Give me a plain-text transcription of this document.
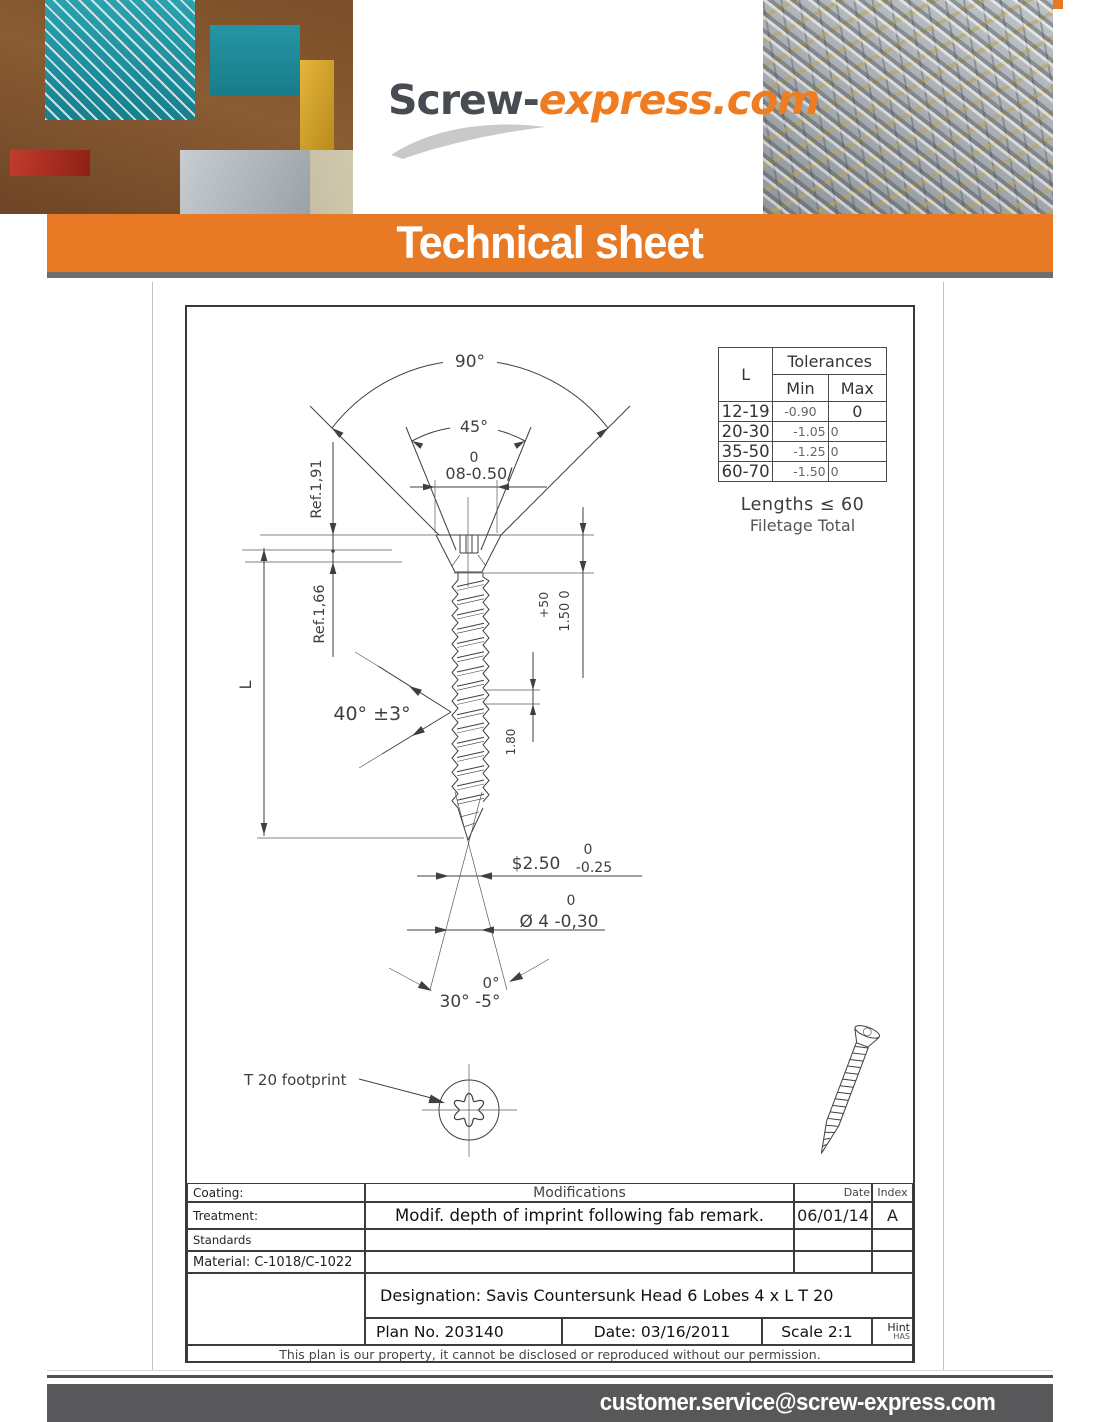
Screw-express.com
Technical sheet
90°
45°
0
08-0.50/
Ref.1,91
Ref.1,66
L
40° ±3°
1.80
+50 1.50 0
$2.50
0
-0.25
0
Ø 4 -0,30
0°
30° -5°
T 20 footprint
L	Tolerances	
	Min	Max
12-19	-0.90	0
20-30	-1.05	0
35-50	-1.25	0
60-70	-1.50	0
Lengths ≤ 60
Filetage Total
Coating:	Modifications	Date Index
Treatment:	Modif. depth of imprint following fab remark.	06/01/14	A
Standards
Material: C-1018/C-1022
Designation: Savis Countersunk Head 6 Lobes 4 x L T 20
Plan No. 203140	Date: 03/16/2011	Scale 2:1	Hint
HAS
This plan is our property, it cannot be disclosed or reproduced without our permission.
customer.service@screw-express.com
